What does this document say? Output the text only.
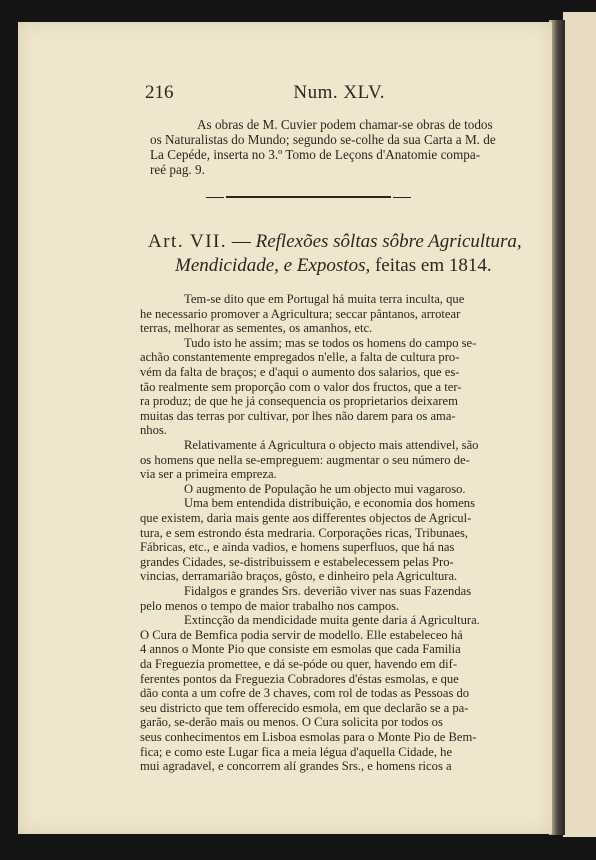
216	Num. XLV.
As obras de M. Cuvier podem chamar-se obras de todos
os Naturalistas do Mundo; segundo se-colhe da sua Carta a M. de
La Cepéde, inserta no 3.º Tomo de Leçons d'Anatomie compa-
reé pag. 9.
Art. VII. — Reflexões sôltas sôbre Agricultura,
Mendicidade, e Expostos, feitas em 1814.
Tem-se dito que em Portugal há muita terra inculta, que
he necessario promover a Agricultura; seccar pântanos, arrotear
terras, melhorar as sementes, os amanhos, etc.
Tudo isto he assim; mas se todos os homens do campo se-
achão constantemente empregados n'elle, a falta de cultura pro-
vém da falta de braços; e d'aqui o aumento dos salarios, que es-
tão realmente sem proporção com o valor dos fructos, que a ter-
ra produz; de que he já consequencia os proprietarios deixarem
muitas das terras por cultivar, por lhes não darem para os ama-
nhos.
Relativamente á Agricultura o objecto mais attendivel, são
os homens que nella se-empreguem: augmentar o seu número de-
via ser a primeira empreza.
O augmento de População he um objecto mui vagaroso.
Uma bem entendida distribuição, e economia dos homens
que existem, daria mais gente aos differentes objectos de Agricul-
tura, e sem estrondo ésta medraria. Corporações ricas, Tribunaes,
Fábricas, etc., e ainda vadios, e homens superfluos, que há nas
grandes Cidades, se-distribuissem e estabelecessem pelas Pro-
vincias, derramarião braços, gôsto, e dinheiro pela Agricultura.
Fidalgos e grandes Srs. deverião viver nas suas Fazendas
pelo menos o tempo de maior trabalho nos campos.
Extincção da mendicidade muita gente daria á Agricultura.
O Cura de Bemfica podia servir de modello. Elle estabeleceo há
4 annos o Monte Pio que consiste em esmolas que cada Familia
da Freguezia promettee, e dá se-póde ou quer, havendo em dif-
ferentes pontos da Freguezia Cobradores d'éstas esmolas, e que
dão conta a um cofre de 3 chaves, com rol de todas as Pessoas do
seu districto que tem offerecido esmola, em que declarão se a pa-
garão, se-derão mais ou menos. O Cura solicita por todos os
seus conhecimentos em Lisboa esmolas para o Monte Pio de Bem-
fica; e como este Lugar fica a meia légua d'aquella Cidade, he
mui agradavel, e concorrem alí grandes Srs., e homens ricos a
